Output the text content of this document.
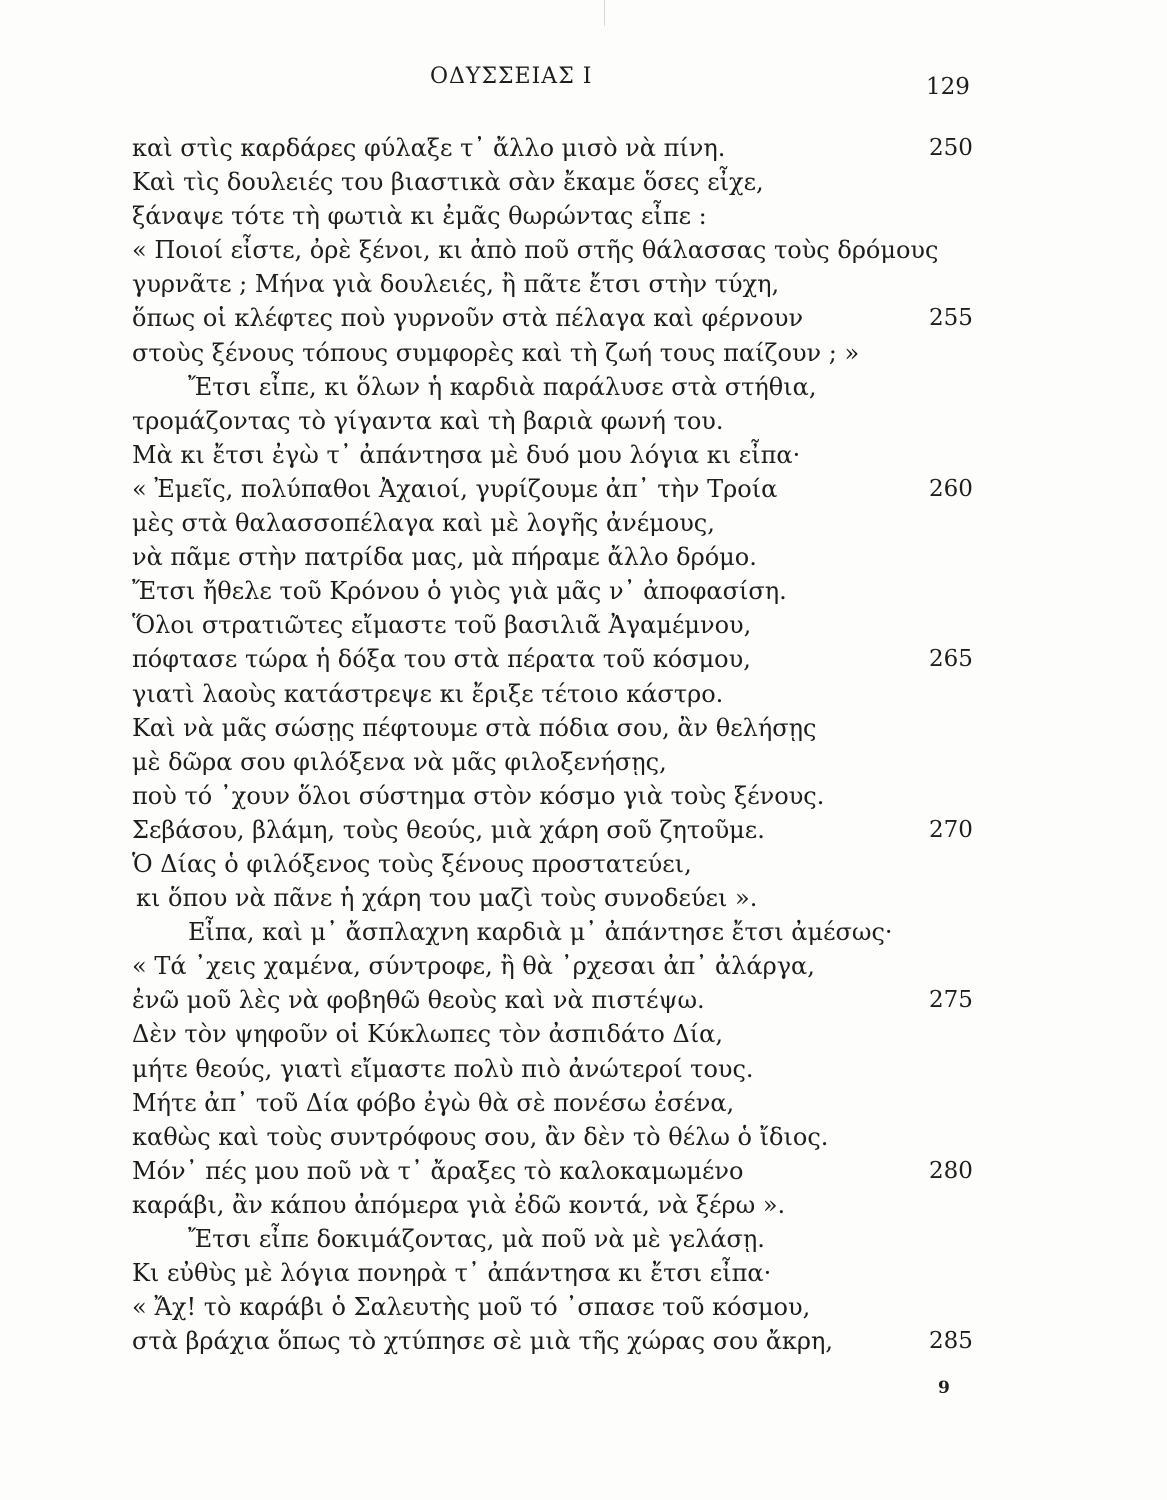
ΟΔΥΣΣΕΙΑΣ Ι	129
καὶ στὶς καρδάρες φύλαξε τ᾽ ἄλλο μισὸ νὰ πίνη.	250
Καὶ τὶς δουλειές του βιαστικὰ σὰν ἔκαμε ὅσες εἶχε,
ξάναψε τότε τὴ φωτιὰ κι ἐμᾶς θωρώντας εἶπε :
« Ποιοί εἶστε, ὀρὲ ξένοι, κι ἀπὸ ποῦ στῆς θάλασσας τοὺς δρόμους
γυρνᾶτε ; Μήνα γιὰ δουλειές, ἢ πᾶτε ἔτσι στὴν τύχη,
ὅπως οἱ κλέφτες ποὺ γυρνοῦν στὰ πέλαγα καὶ φέρνουν	255
στοὺς ξένους τόπους συμφορὲς καὶ τὴ ζωή τους παίζουν ; »
Ἔτσι εἶπε, κι ὅλων ἡ καρδιὰ παράλυσε στὰ στήθια,
τρομάζοντας τὸ γίγαντα καὶ τὴ βαριὰ φωνή του.
Μὰ κι ἔτσι ἐγὼ τ᾽ ἀπάντησα μὲ δυό μου λόγια κι εἶπα·
« Ἐμεῖς, πολύπαθοι Ἀχαιοί, γυρίζουμε ἀπ᾽ τὴν Τροία	260
μὲς στὰ θαλασσοπέλαγα καὶ μὲ λογῆς ἀνέμους,
νὰ πᾶμε στὴν πατρίδα μας, μὰ πήραμε ἄλλο δρόμο.
Ἔτσι ἤθελε τοῦ Κρόνου ὁ γιὸς γιὰ μᾶς ν᾽ ἀποφασίση.
Ὅλοι στρατιῶτες εἴμαστε τοῦ βασιλιᾶ Ἀγαμέμνου,
πόφτασε τώρα ἡ δόξα του στὰ πέρατα τοῦ κόσμου,	265
γιατὶ λαοὺς κατάστρεψε κι ἔριξε τέτοιο κάστρο.
Καὶ νὰ μᾶς σώσῃς πέφτουμε στὰ πόδια σου, ἂν θελήσῃς
μὲ δῶρα σου φιλόξενα νὰ μᾶς φιλοξενήσῃς,
ποὺ τό ᾽χουν ὅλοι σύστημα στὸν κόσμο γιὰ τοὺς ξένους.
Σεβάσου, βλάμη, τοὺς θεούς, μιὰ χάρη σοῦ ζητοῦμε.	270
Ὁ Δίας ὁ φιλόξενος τοὺς ξένους προστατεύει,
κι ὅπου νὰ πᾶνε ἡ χάρη του μαζὶ τοὺς συνοδεύει ».
Εἶπα, καὶ μ᾽ ἄσπλαχνη καρδιὰ μ᾽ ἀπάντησε ἔτσι ἀμέσως·
« Τά ᾽χεις χαμένα, σύντροφε, ἢ θὰ ᾽ρχεσαι ἀπ᾽ ἀλάργα,
ἐνῶ μοῦ λὲς νὰ φοβηθῶ θεοὺς καὶ νὰ πιστέψω.	275
Δὲν τὸν ψηφοῦν οἱ Κύκλωπες τὸν ἀσπιδάτο Δία,
μήτε θεούς, γιατὶ εἴμαστε πολὺ πιὸ ἀνώτεροί τους.
Μήτε ἀπ᾽ τοῦ Δία φόβο ἐγὼ θὰ σὲ πονέσω ἐσένα,
καθὼς καὶ τοὺς συντρόφους σου, ἂν δὲν τὸ θέλω ὁ ἴδιος.
Μόν᾽ πές μου ποῦ νὰ τ᾽ ἄραξες τὸ καλοκαμωμένο	280
καράβι, ἂν κάπου ἀπόμερα γιὰ ἐδῶ κοντά, νὰ ξέρω ».
Ἔτσι εἶπε δοκιμάζοντας, μὰ ποῦ νὰ μὲ γελάσῃ.
Κι εὐθὺς μὲ λόγια πονηρὰ τ᾽ ἀπάντησα κι ἔτσι εἶπα·
« Ἄχ! τὸ καράβι ὁ Σαλευτὴς μοῦ τό ᾽σπασε τοῦ κόσμου,
στὰ βράχια ὅπως τὸ χτύπησε σὲ μιὰ τῆς χώρας σου ἄκρη,	285
9
